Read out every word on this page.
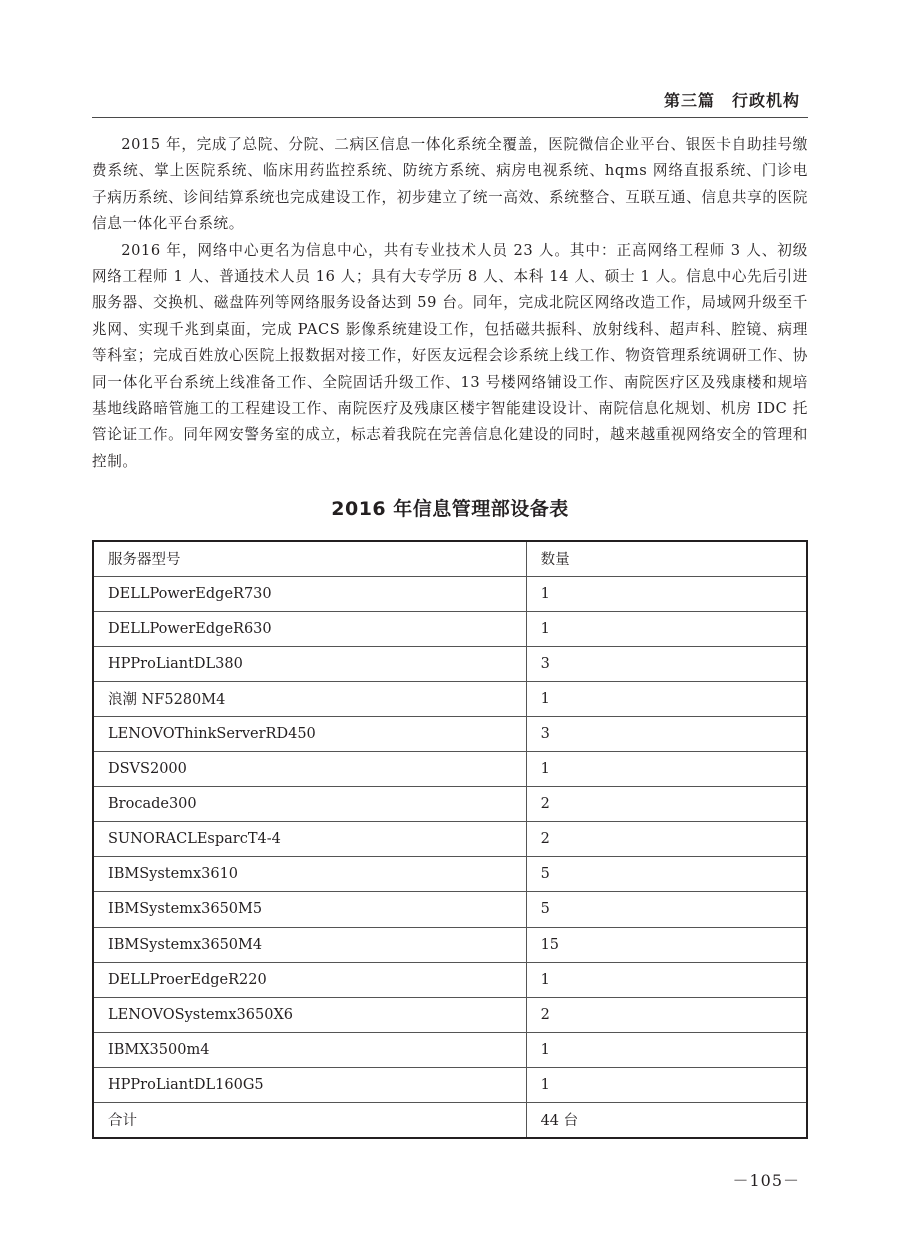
第三篇　行政机构

2015 年，完成了总院、分院、二病区信息一体化系统全覆盖，医院微信企业平台、银医卡自助挂号缴费系统、掌上医院系统、临床用药监控系统、防统方系统、病房电视系统、hqms 网络直报系统、门诊电子病历系统、诊间结算系统也完成建设工作，初步建立了统一高效、系统整合、互联互通、信息共享的医院信息一体化平台系统。

2016 年，网络中心更名为信息中心，共有专业技术人员 23 人。其中：正高网络工程师 3 人、初级网络工程师 1 人、普通技术人员 16 人；具有大专学历 8 人、本科 14 人、硕士 1 人。信息中心先后引进服务器、交换机、磁盘阵列等网络服务设备达到 59 台。同年，完成北院区网络改造工作，局域网升级至千兆网、实现千兆到桌面，完成 PACS 影像系统建设工作，包括磁共振科、放射线科、超声科、腔镜、病理等科室；完成百姓放心医院上报数据对接工作，好医友远程会诊系统上线工作、物资管理系统调研工作、协同一体化平台系统上线准备工作、全院固话升级工作、13 号楼网络铺设工作、南院医疗区及残康楼和规培基地线路暗管施工的工程建设工作、南院医疗及残康区楼宇智能建设设计、南院信息化规划、机房 IDC 托管论证工作。同年网安警务室的成立，标志着我院在完善信息化建设的同时，越来越重视网络安全的管理和控制。

2016 年信息管理部设备表
服务器型号	数量
DELLPowerEdgeR730	1
DELLPowerEdgeR630	1
HPProLiantDL380	3
浪潮 NF5280M4	1
LENOVOThinkServerRD450	3
DSVS2000	1
Brocade300	2
SUNORACLEsparcT4-4	2
IBMSystemx3610	5
IBMSystemx3650M5	5
IBMSystemx3650M4	15
DELLProerEdgeR220	1
LENOVOSystemx3650X6	2
IBMX3500m4	1
HPProLiantDL160G5	1
合计	44 台
－105－
